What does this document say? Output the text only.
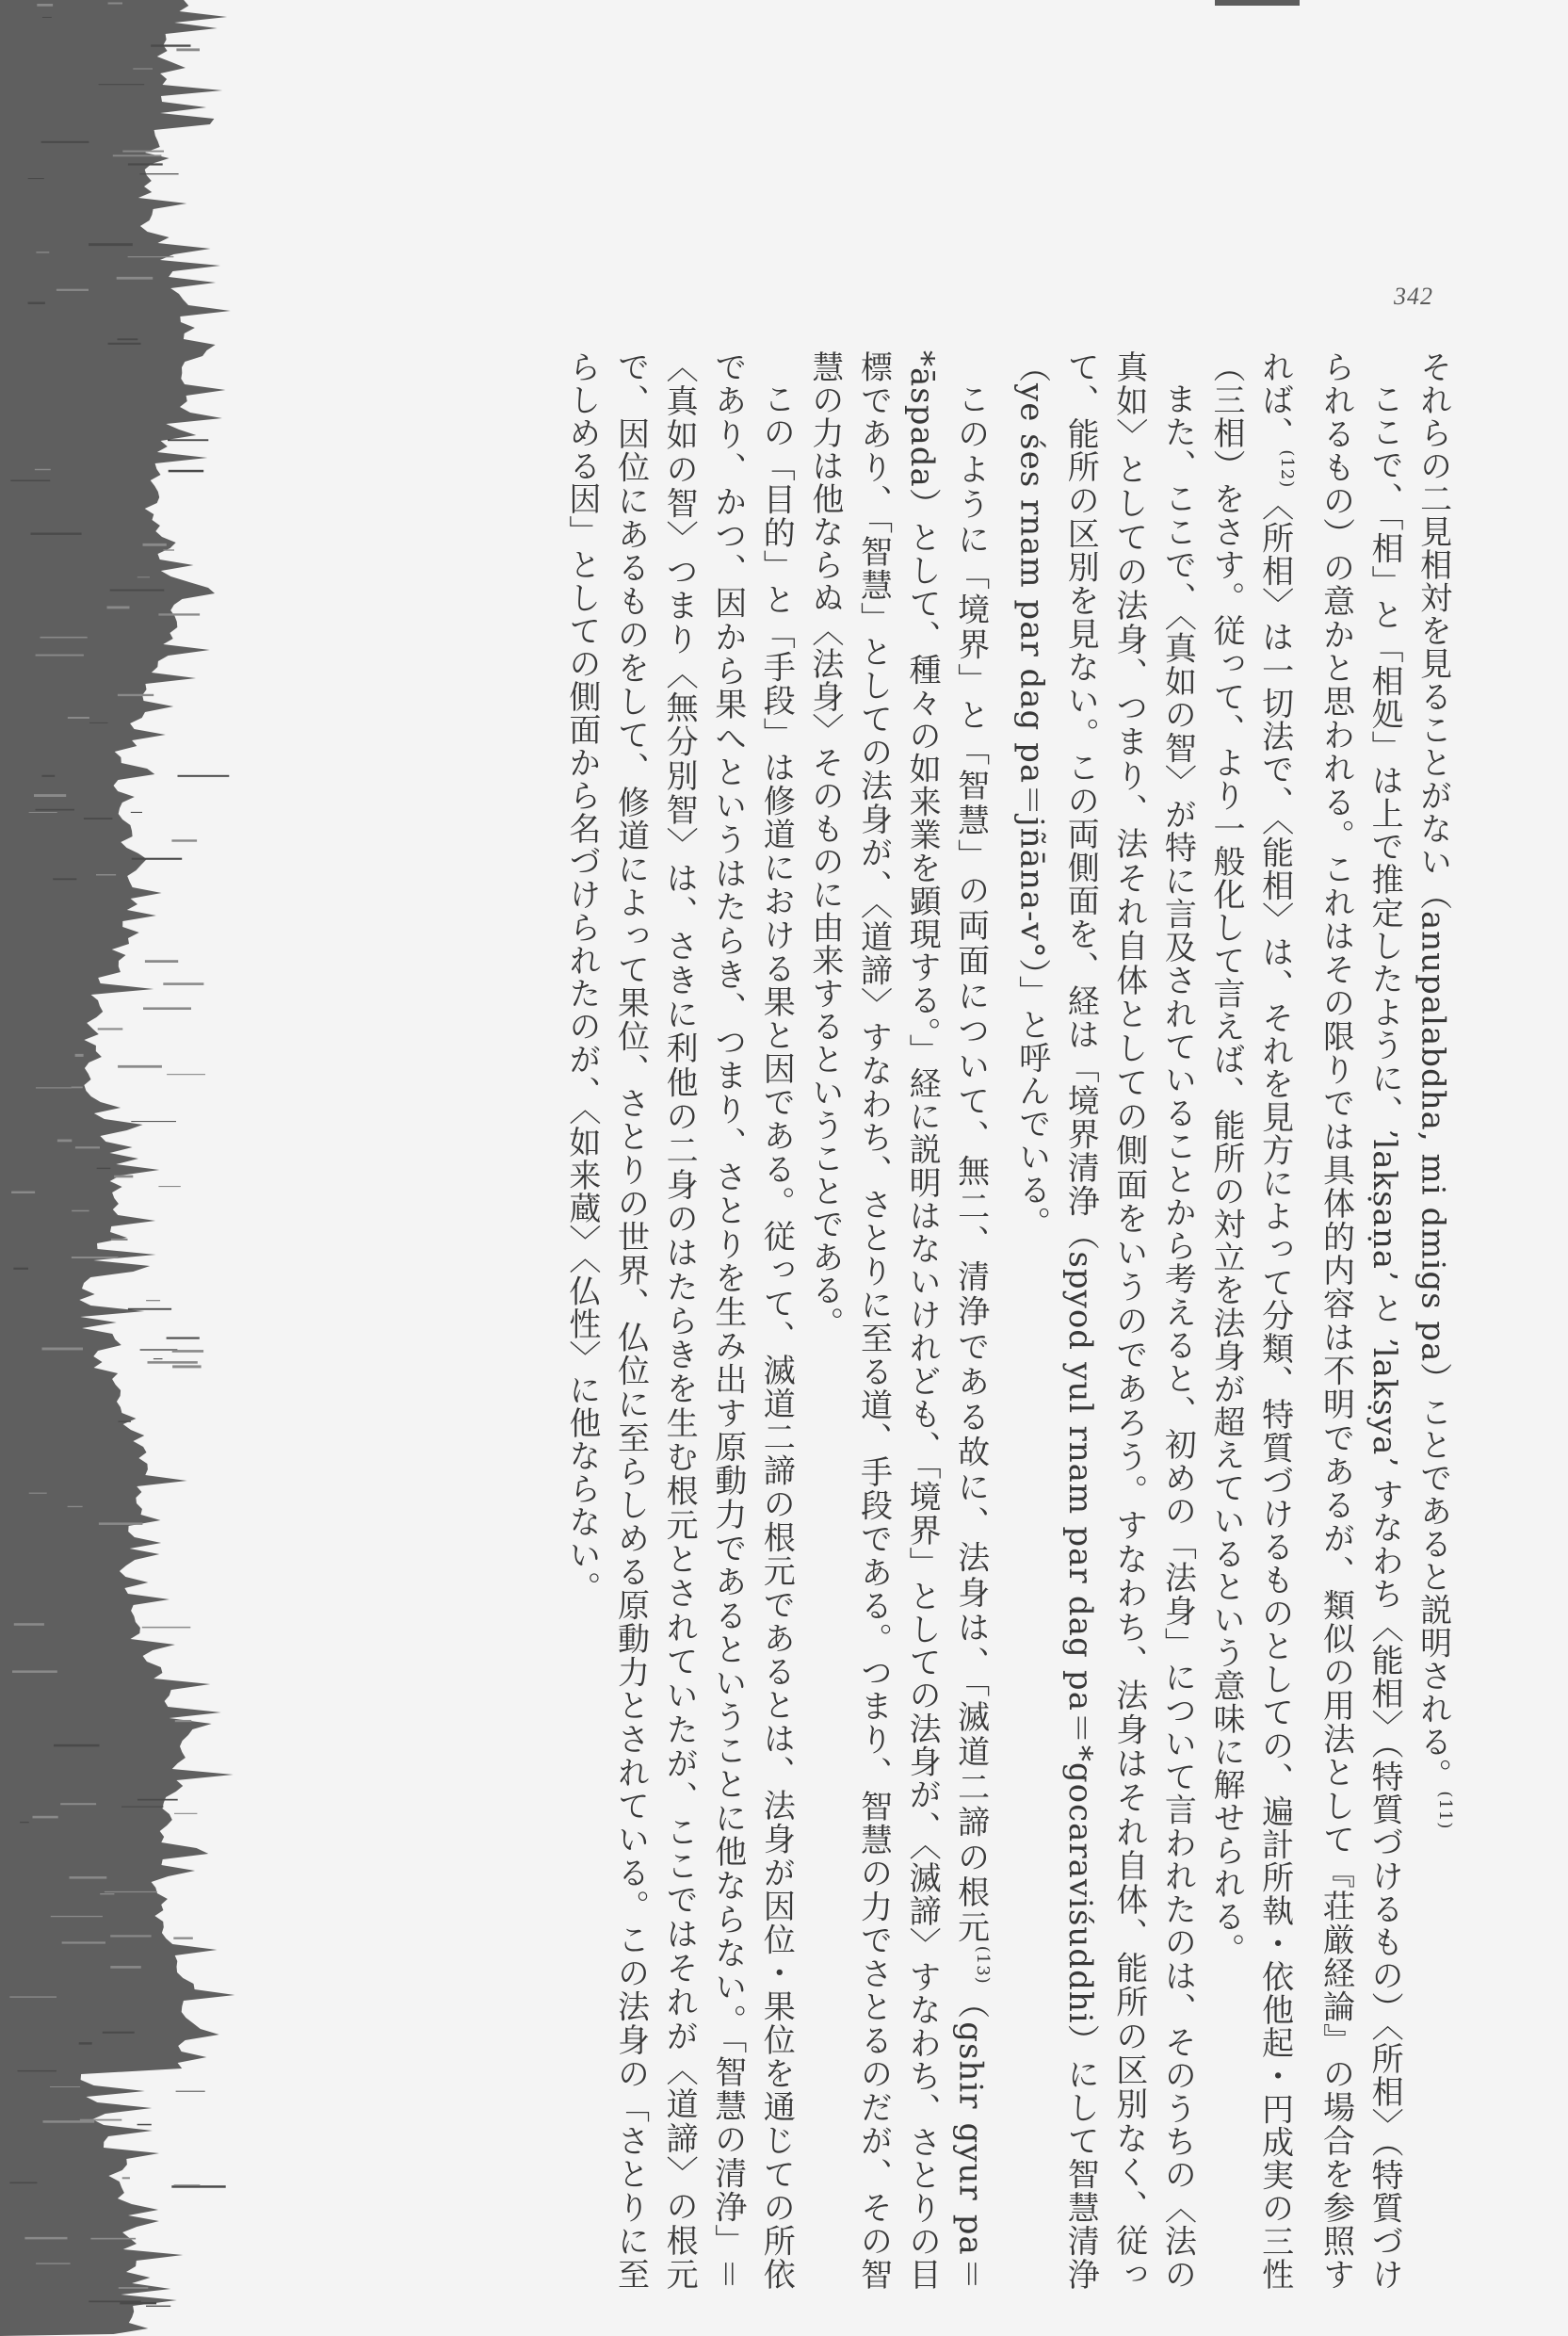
342

それらの二見相対を見ることがない（anupalabdha, mi dmigs pa）ことであると説明される。$^{(11)}$

ここで、「相」と「相処」は上で推定したように、ʼlakṣaṇaʼ と ʼlakṣyaʼ すなわち〈能相〉（特質づけるもの）〈所相〉（特質づけられるもの）の意かと思われる。これはその限りでは具体的内容は不明であるが、類似の用法として『荘厳経論』の場合を参照すれば、$^{(12)}$〈所相〉は一切法で、〈能相〉は、それを見方によって分類、特質づけるものとしての、遍計所執・依他起・円成実の三性（三相）をさす。従って、より一般化して言えば、能所の対立を法身が超えているという意味に解せられる。

また、ここで、〈真如の智〉が特に言及されていることから考えると、初めの「法身」について言われたのは、そのうちの〈法の真如〉としての法身、つまり、法それ自体としての側面をいうのであろう。すなわち、法身はそれ自体、能所の区別なく、従って、能所の区別を見ない。この両側面を、経は「境界清浄（spyod yul rnam par dag pa＝*gocaraviśuddhi）にして智慧清浄（ye śes rnam par dag pa＝jñāna-v°）」と呼んでいる。

このように「境界」と「智慧」の両面について、無二、清浄である故に、法身は、「滅道二諦の根元$^{(13)}$（gshir gyur pa＝*āspada）として、種々の如来業を顕現する。」経に説明はないけれども、「境界」としての法身が、〈滅諦〉すなわち、さとりの目標であり、「智慧」としての法身が、〈道諦〉すなわち、さとりに至る道、手段である。つまり、智慧の力でさとるのだが、その智慧の力は他ならぬ〈法身〉そのものに由来するということである。

この「目的」と「手段」は修道における果と因である。従って、滅道二諦の根元であるとは、法身が因位・果位を通じての所依であり、かつ、因から果へというはたらき、つまり、さとりを生み出す原動力であるということに他ならない。「智慧の清浄」＝〈真如の智〉つまり〈無分別智〉は、さきに利他の二身のはたらきを生む根元とされていたが、ここではそれが〈道諦〉の根元で、因位にあるものをして、修道によって果位、さとりの世界、仏位に至らしめる原動力とされている。この法身の「さとりに至らしめる因」としての側面から名づけられたのが、〈如来蔵〉〈仏性〉に他ならない。
